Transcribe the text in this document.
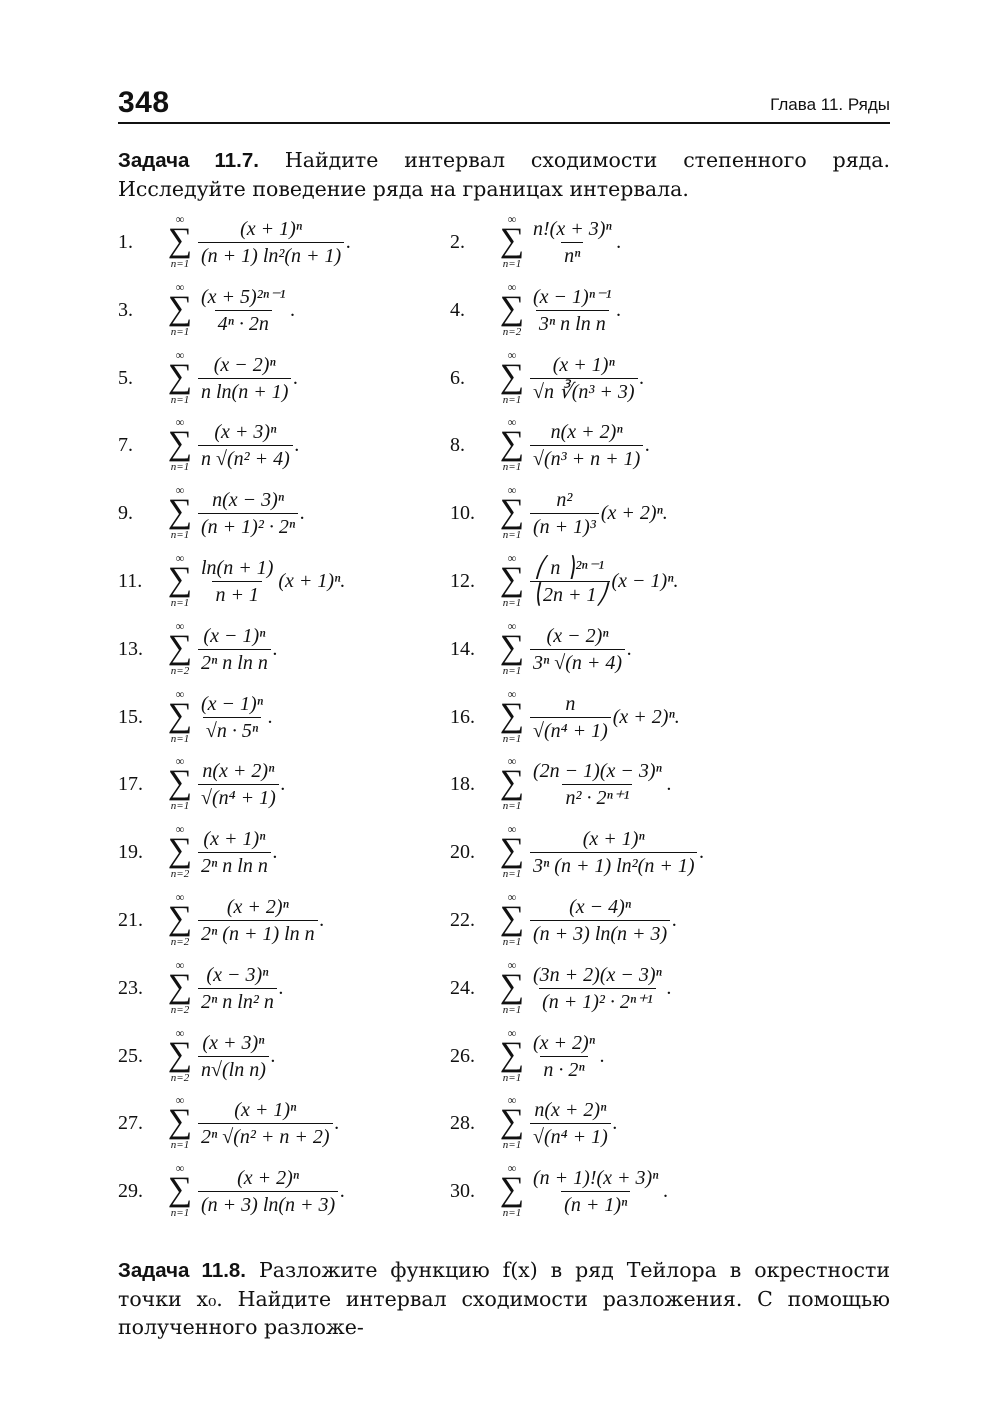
348	Глава 11. Ряды
Задача 11.7. Найдите интервал сходимости степенного ряда. Исследуйте поведение ряда на границах интервала.
1.
∞
∑
$n=1 \frac{\text{(x + 1)ⁿ}}{\text{(n + 1) ln²(n + 1)}}$ .	2.
∞
∑
$n=1 \frac{\text{n!(x + 3)ⁿ}}{\text{nⁿ}}$ .
3.
∞
∑
$n=1 \frac{\text{(x + 5)²ⁿ⁻¹}}{\text{4ⁿ · 2n}}$ .	4.
∞
∑
$n=2 \frac{\text{(x − 1)ⁿ⁻¹}}{\text{3ⁿ n ln n}}$ .
5.
∞
∑
$n=1 \frac{\text{(x − 2)ⁿ}}{\text{n ln(n + 1)}}$ .	6.
∞
∑
$n=1 \frac{\text{(x + 1)ⁿ}}{\text{√n ∛(n³ + 3)}}$ .
7.
∞
∑
$n=1 \frac{\text{(x + 3)ⁿ}}{\text{n √(n² + 4)}}$ .	8.
∞
∑
$n=1 \frac{\text{n(x + 2)ⁿ}}{\text{√(n³ + n + 1)}}$ .
9.
∞
∑
$n=1 \frac{\text{n(x − 3)ⁿ}}{\text{(n + 1)² · 2ⁿ}}$ .	10.
∞
∑
$n=1 \frac{\text{n²}}{\text{(n + 1)³}} (x + 2)^n$.
11.
∞
∑
$n=1 \frac{\ln(n + 1)}{n + 1} (x + 1)^n$.	12.
∞
∑
$n=1 \frac{\text{⎛ n ⎞²ⁿ⁻¹}}{⎝2n + 1⎠} (x - 1)^n$.
13.
∞
∑
$n=2 \frac{\text{(x − 1)ⁿ}}{\text{2ⁿ n ln n}}$ .	14.
∞
∑
$n=1 \frac{\text{(x − 2)ⁿ}}{\text{3ⁿ √(n + 4)}}$ .
15.
∞
∑
$n=1 \frac{\text{(x − 1)ⁿ}}{\text{√n · 5ⁿ}}$ .	16.
∞
∑
$n=1 \frac{n}{\text{√(n⁴ + 1)}} (x + 2)^n$.
17.
∞
∑
$n=1 \frac{\text{n(x + 2)ⁿ}}{\text{√(n⁴ + 1)}}$ .	18.
∞
∑
$n=1 \frac{\text{(2n − 1)(x − 3)ⁿ}}{\text{n² · 2ⁿ⁺¹}}$ .
19.
∞
∑
$n=2 \frac{\text{(x + 1)ⁿ}}{\text{2ⁿ n ln n}}$ .	20.
∞
∑
$n=1 \frac{\text{(x + 1)ⁿ}}{\text{3ⁿ (n + 1) ln²(n + 1)}}$ .
21.
∞
∑
$n=2 \frac{\text{(x + 2)ⁿ}}{\text{2ⁿ (n + 1) ln n}}$ .	22.
∞
∑
$n=1 \frac{\text{(x − 4)ⁿ}}{(n + 3) \ln(n + 3)}$ .
23.
∞
∑
$n=2 \frac{\text{(x − 3)ⁿ}}{\text{2ⁿ n ln² n}}$ .	24.
∞
∑
$n=1 \frac{\text{(3n + 2)(x − 3)ⁿ}}{\text{(n + 1)² · 2ⁿ⁺¹}}$ .
25.
∞
∑
$n=2 \frac{\text{(x + 3)ⁿ}}{\text{n√(ln n)}}$ .	26.
∞
∑
$n=1 \frac{\text{(x + 2)ⁿ}}{\text{n · 2ⁿ}}$ .
27.
∞
∑
$n=1 \frac{\text{(x + 1)ⁿ}}{\text{2ⁿ √(n² + n + 2)}}$ .	28.
∞
∑
$n=1 \frac{\text{n(x + 2)ⁿ}}{\text{√(n⁴ + 1)}}$ .
29.
∞
∑
$n=1 \frac{\text{(x + 2)ⁿ}}{(n + 3) \ln(n + 3)}$ .	30.
∞
∑
$n=1 \frac{\text{(n + 1)!(x + 3)ⁿ}}{\text{(n + 1)ⁿ}}$ .
Задача 11.8. Разложите функцию f(x) в ряд Тейлора в окрестности точки x₀. Найдите интервал сходимости разложения. С помощью полученного разложе-
